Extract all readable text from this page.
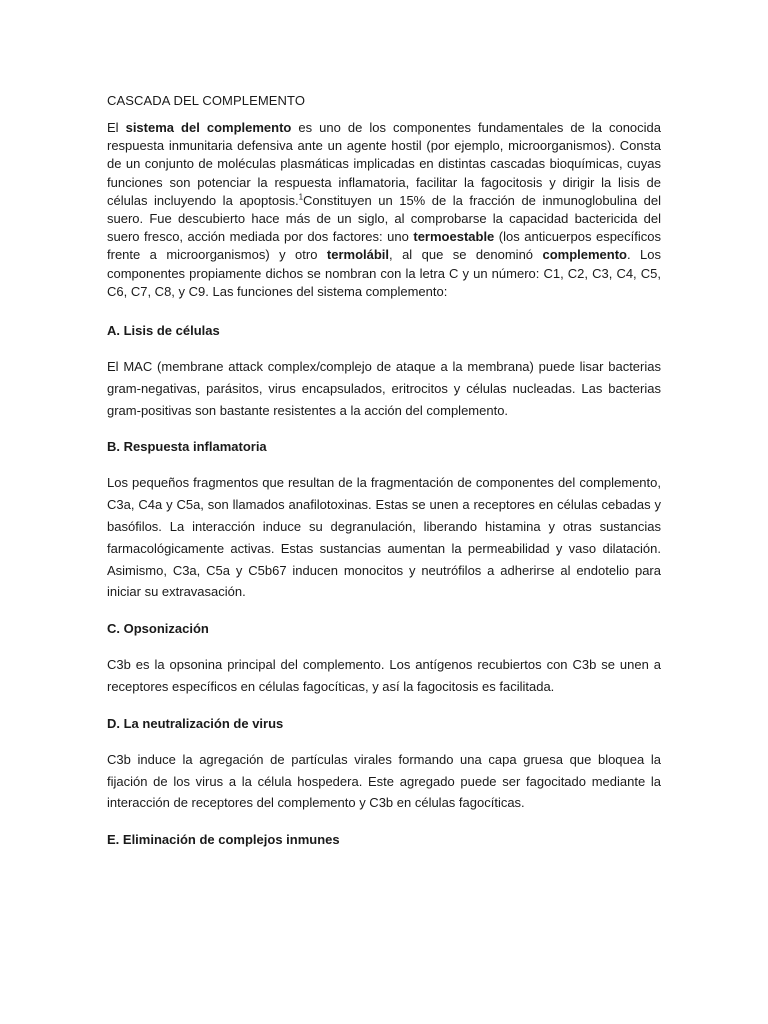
CASCADA DEL COMPLEMENTO

El sistema del complemento es uno de los componentes fundamentales de la conocida respuesta inmunitaria defensiva ante un agente hostil (por ejemplo, microorganismos). Consta de un conjunto de moléculas plasmáticas implicadas en distintas cascadas bioquímicas, cuyas funciones son potenciar la respuesta inflamatoria, facilitar la fagocitosis y dirigir la lisis de células incluyendo la apoptosis.$^1$Constituyen un 15% de la fracción de inmunoglobulina del suero. Fue descubierto hace más de un siglo, al comprobarse la capacidad bactericida del suero fresco, acción mediada por dos factores: uno termoestable (los anticuerpos específicos frente a microorganismos) y otro termolábil, al que se denominó complemento. Los componentes propiamente dichos se nombran con la letra C y un número: C1, C2, C3, C4, C5, C6, C7, C8, y C9. Las funciones del sistema complemento:

A. Lisis de células

El MAC (membrane attack complex/complejo de ataque a la membrana) puede lisar bacterias gram-negativas, parásitos, virus encapsulados, eritrocitos y células nucleadas. Las bacterias gram-positivas son bastante resistentes a la acción del complemento.

B. Respuesta inflamatoria

Los pequeños fragmentos que resultan de la fragmentación de componentes del complemento, C3a, C4a y C5a, son llamados anafilotoxinas. Estas se unen a receptores en células cebadas y basófilos. La interacción induce su degranulación, liberando histamina y otras sustancias farmacológicamente activas. Estas sustancias aumentan la permeabilidad y vaso dilatación. Asimismo, C3a, C5a y C5b67 inducen monocitos y neutrófilos a adherirse al endotelio para iniciar su extravasación.

C. Opsonización

C3b es la opsonina principal del complemento. Los antígenos recubiertos con C3b se unen a receptores específicos en células fagocíticas, y así la fagocitosis es facilitada.

D. La neutralización de virus

C3b induce la agregación de partículas virales formando una capa gruesa que bloquea la fijación de los virus a la célula hospedera. Este agregado puede ser fagocitado mediante la interacción de receptores del complemento y C3b en células fagocíticas.

E. Eliminación de complejos inmunes
